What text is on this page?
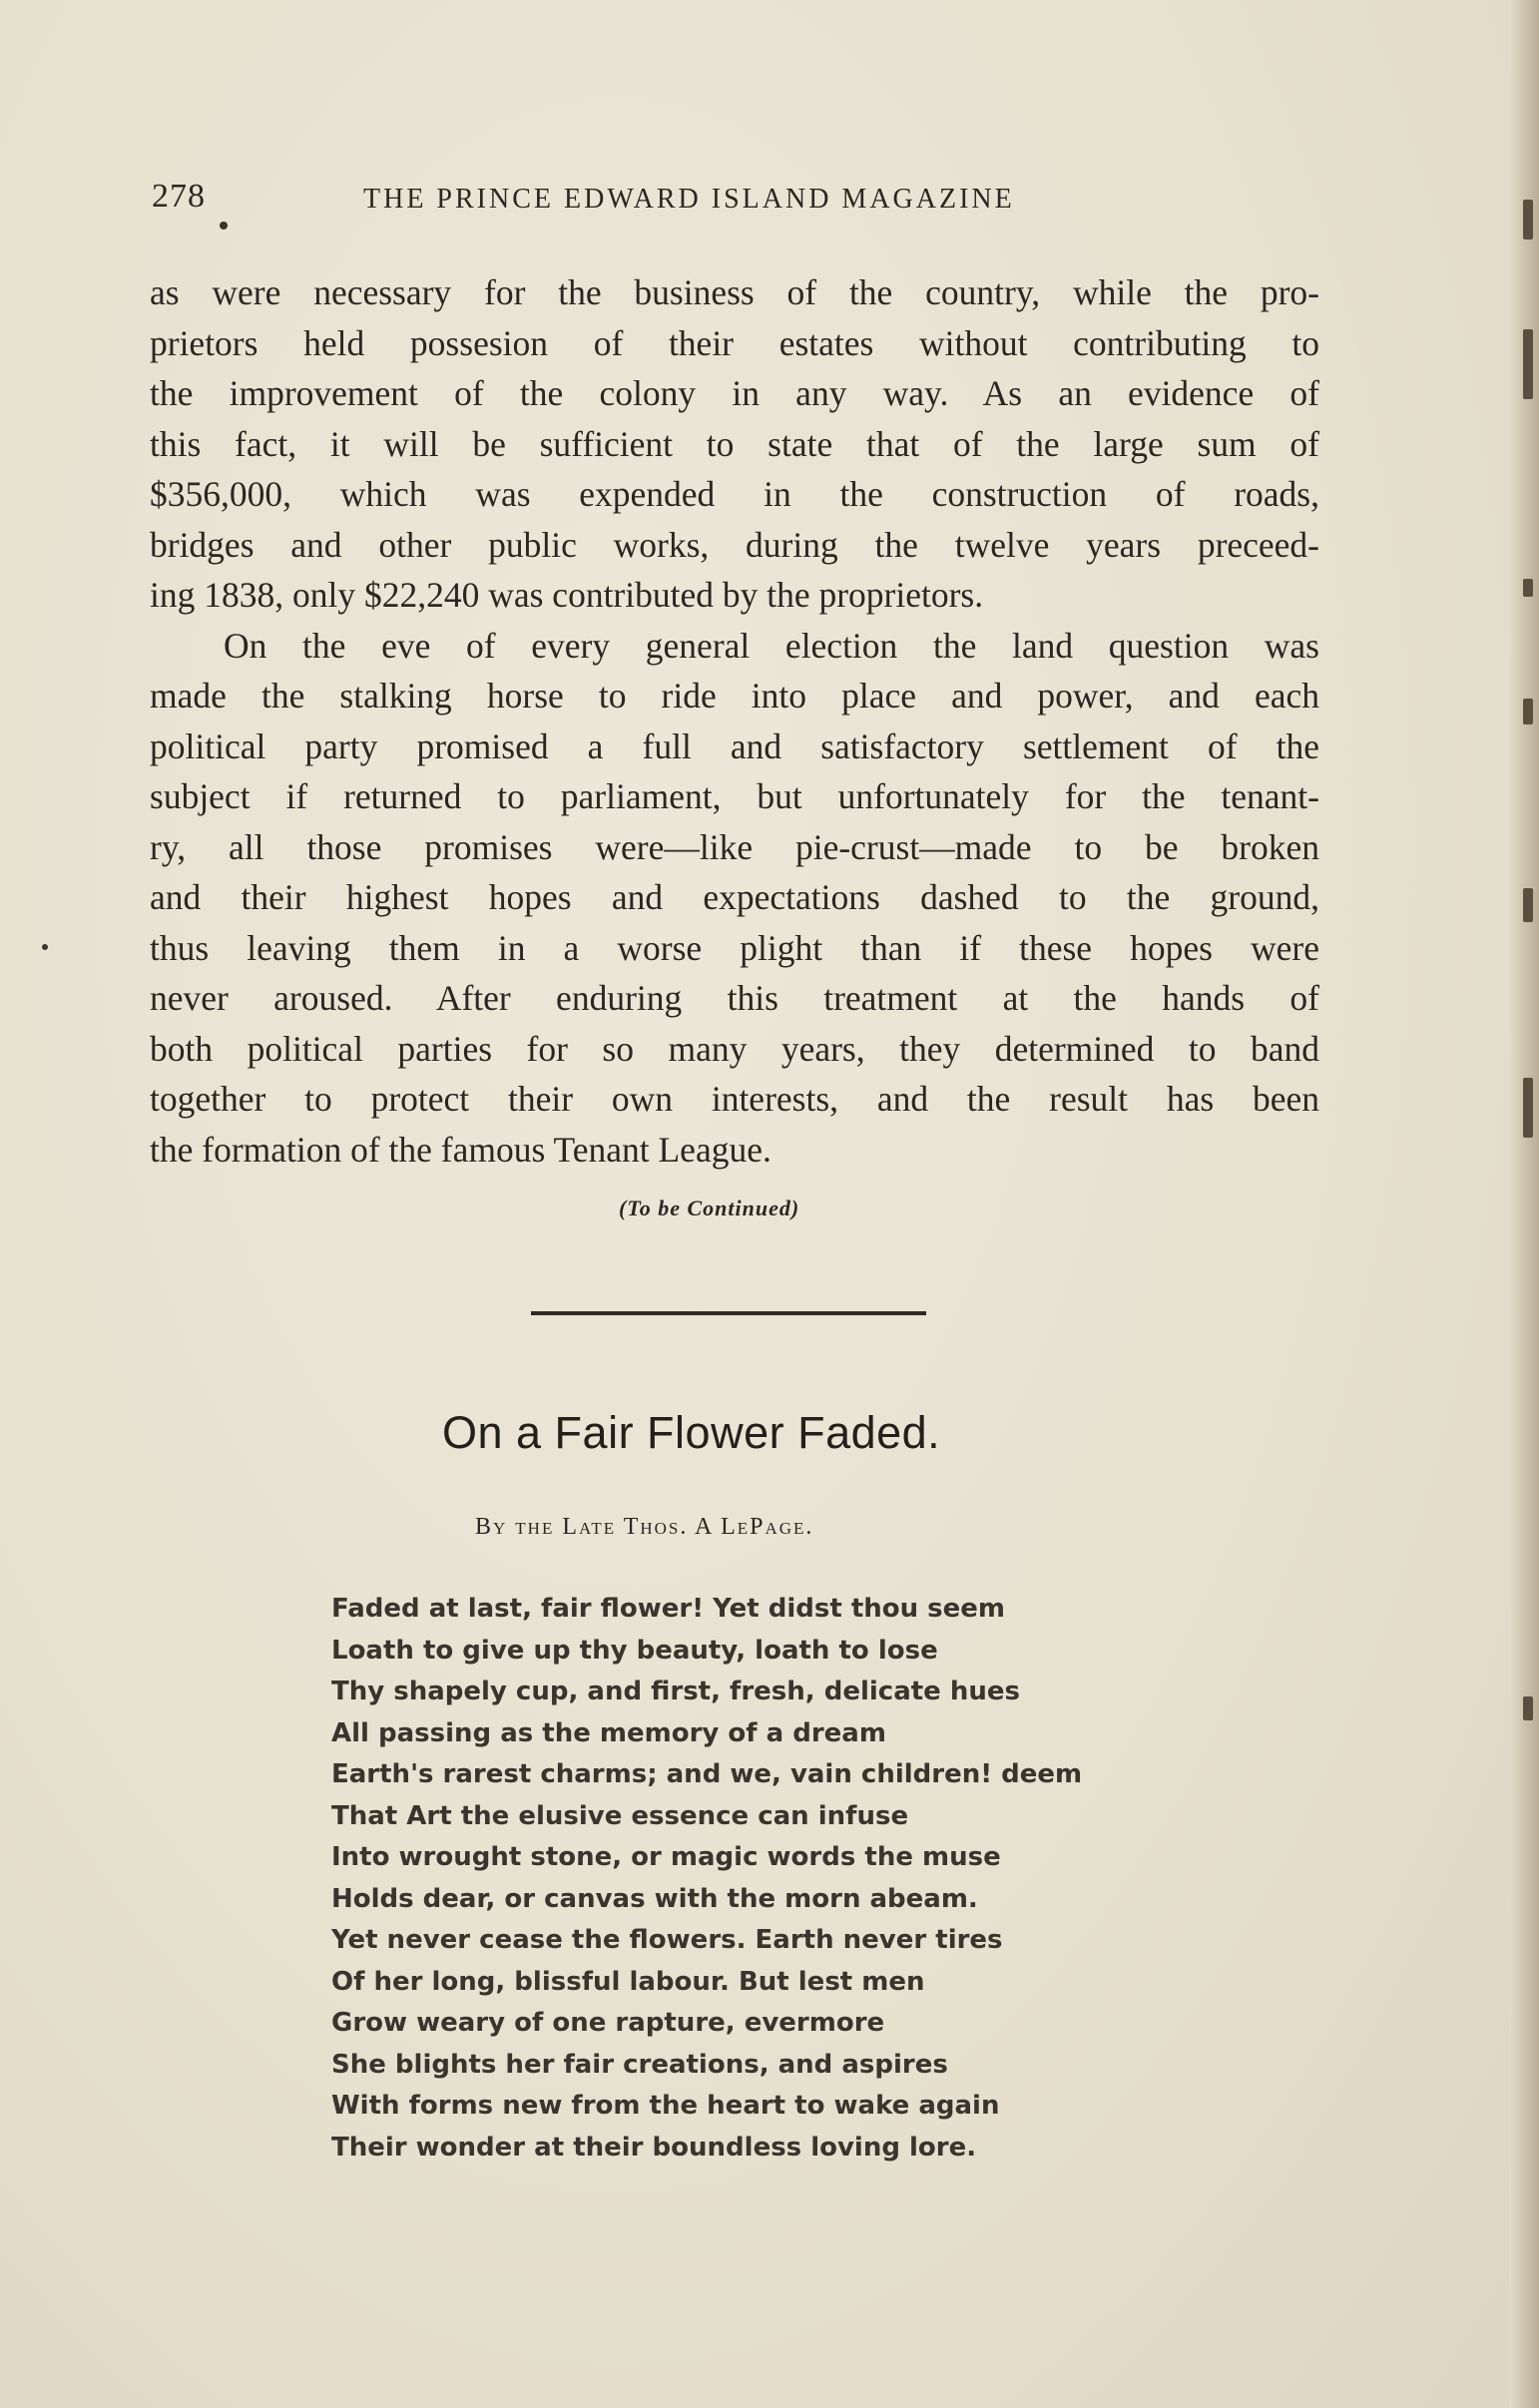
278	THE PRINCE EDWARD ISLAND MAGAZINE
as were necessary for the business of the country, while the pro-
prietors held possesion of their estates without contributing to
the improvement of the colony in any way. As an evidence of
this fact, it will be sufficient to state that of the large sum of
$356,000, which was expended in the construction of roads,
bridges and other public works, during the twelve years preceed-
ing 1838, only $22,240 was contributed by the proprietors.
On the eve of every general election the land question was
made the stalking horse to ride into place and power, and each
political party promised a full and satisfactory settlement of the
subject if returned to parliament, but unfortunately for the tenant-
ry, all those promises were—like pie-crust—made to be broken
and their highest hopes and expectations dashed to the ground,
thus leaving them in a worse plight than if these hopes were
never aroused. After enduring this treatment at the hands of
both political parties for so many years, they determined to band
together to protect their own interests, and the result has been
the formation of the famous Tenant League.
(To be Continued)
On a Fair Flower Faded.
By the Late Thos. A LePage.
Faded at last, fair flower! Yet didst thou seem
Loath to give up thy beauty, loath to lose
Thy shapely cup, and first, fresh, delicate hues
All passing as the memory of a dream
Earth's rarest charms; and we, vain children! deem
That Art the elusive essence can infuse
Into wrought stone, or magic words the muse
Holds dear, or canvas with the morn abeam.
Yet never cease the flowers. Earth never tires
Of her long, blissful labour. But lest men
Grow weary of one rapture, evermore
She blights her fair creations, and aspires
With forms new from the heart to wake again
Their wonder at their boundless loving lore.
